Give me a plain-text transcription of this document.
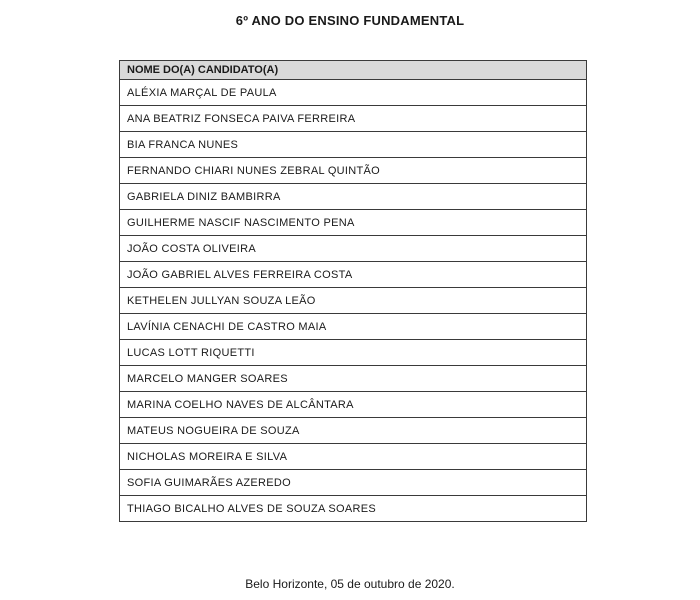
6º ANO DO ENSINO FUNDAMENTAL
NOME DO(A) CANDIDATO(A)
ALÉXIA MARÇAL DE PAULA
ANA BEATRIZ FONSECA PAIVA FERREIRA
BIA FRANCA NUNES
FERNANDO CHIARI NUNES ZEBRAL QUINTÃO
GABRIELA DINIZ BAMBIRRA
GUILHERME NASCIF NASCIMENTO PENA
JOÃO COSTA OLIVEIRA
JOÃO GABRIEL ALVES FERREIRA COSTA
KETHELEN JULLYAN SOUZA LEÃO
LAVÍNIA CENACHI DE CASTRO MAIA
LUCAS LOTT RIQUETTI
MARCELO MANGER SOARES
MARINA COELHO NAVES DE ALCÂNTARA
MATEUS NOGUEIRA DE SOUZA
NICHOLAS MOREIRA E SILVA
SOFIA GUIMARÃES AZEREDO
THIAGO BICALHO ALVES DE SOUZA SOARES
Belo Horizonte, 05 de outubro de 2020.
